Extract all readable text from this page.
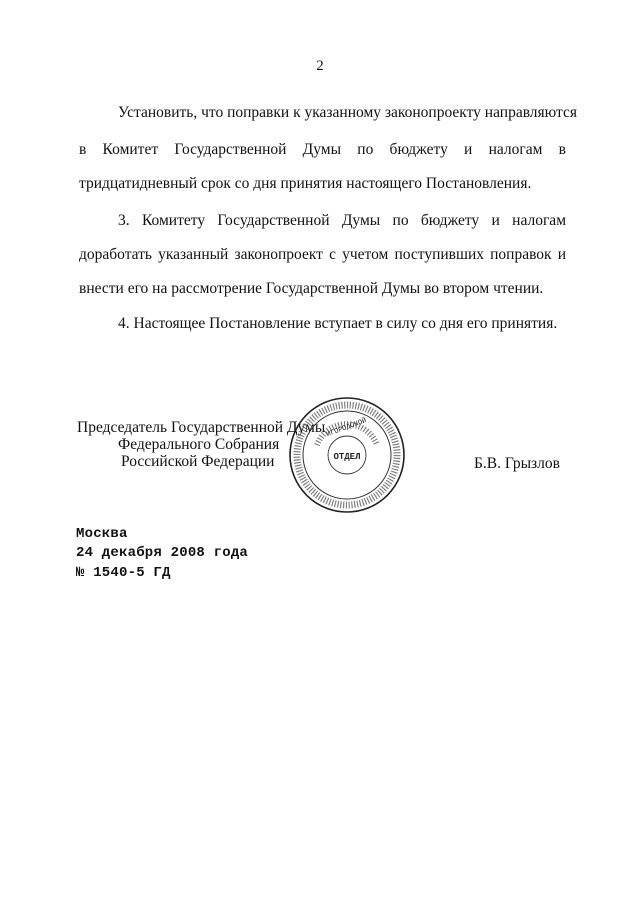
2
Установить, что поправки к указанному законопроекту направляются
в Комитет Государственной Думы по бюджету и налогам в
тридцатидневный срок со дня принятия настоящего Постановления.
3. Комитету Государственной Думы по бюджету и налогам
доработать указанный законопроект с учетом поступивших поправок и
внести его на рассмотрение Государственной Думы во втором чтении.
4. Настоящее Постановление вступает в силу со дня его принятия.
Председатель Государственной Думы
Федерального Собрания
Российской Федерации	Б.В. Грызлов
ОТДЕЛ
ИГОРОДСКОЙ
Москва
24 декабря 2008 года
№ 1540-5 ГД
